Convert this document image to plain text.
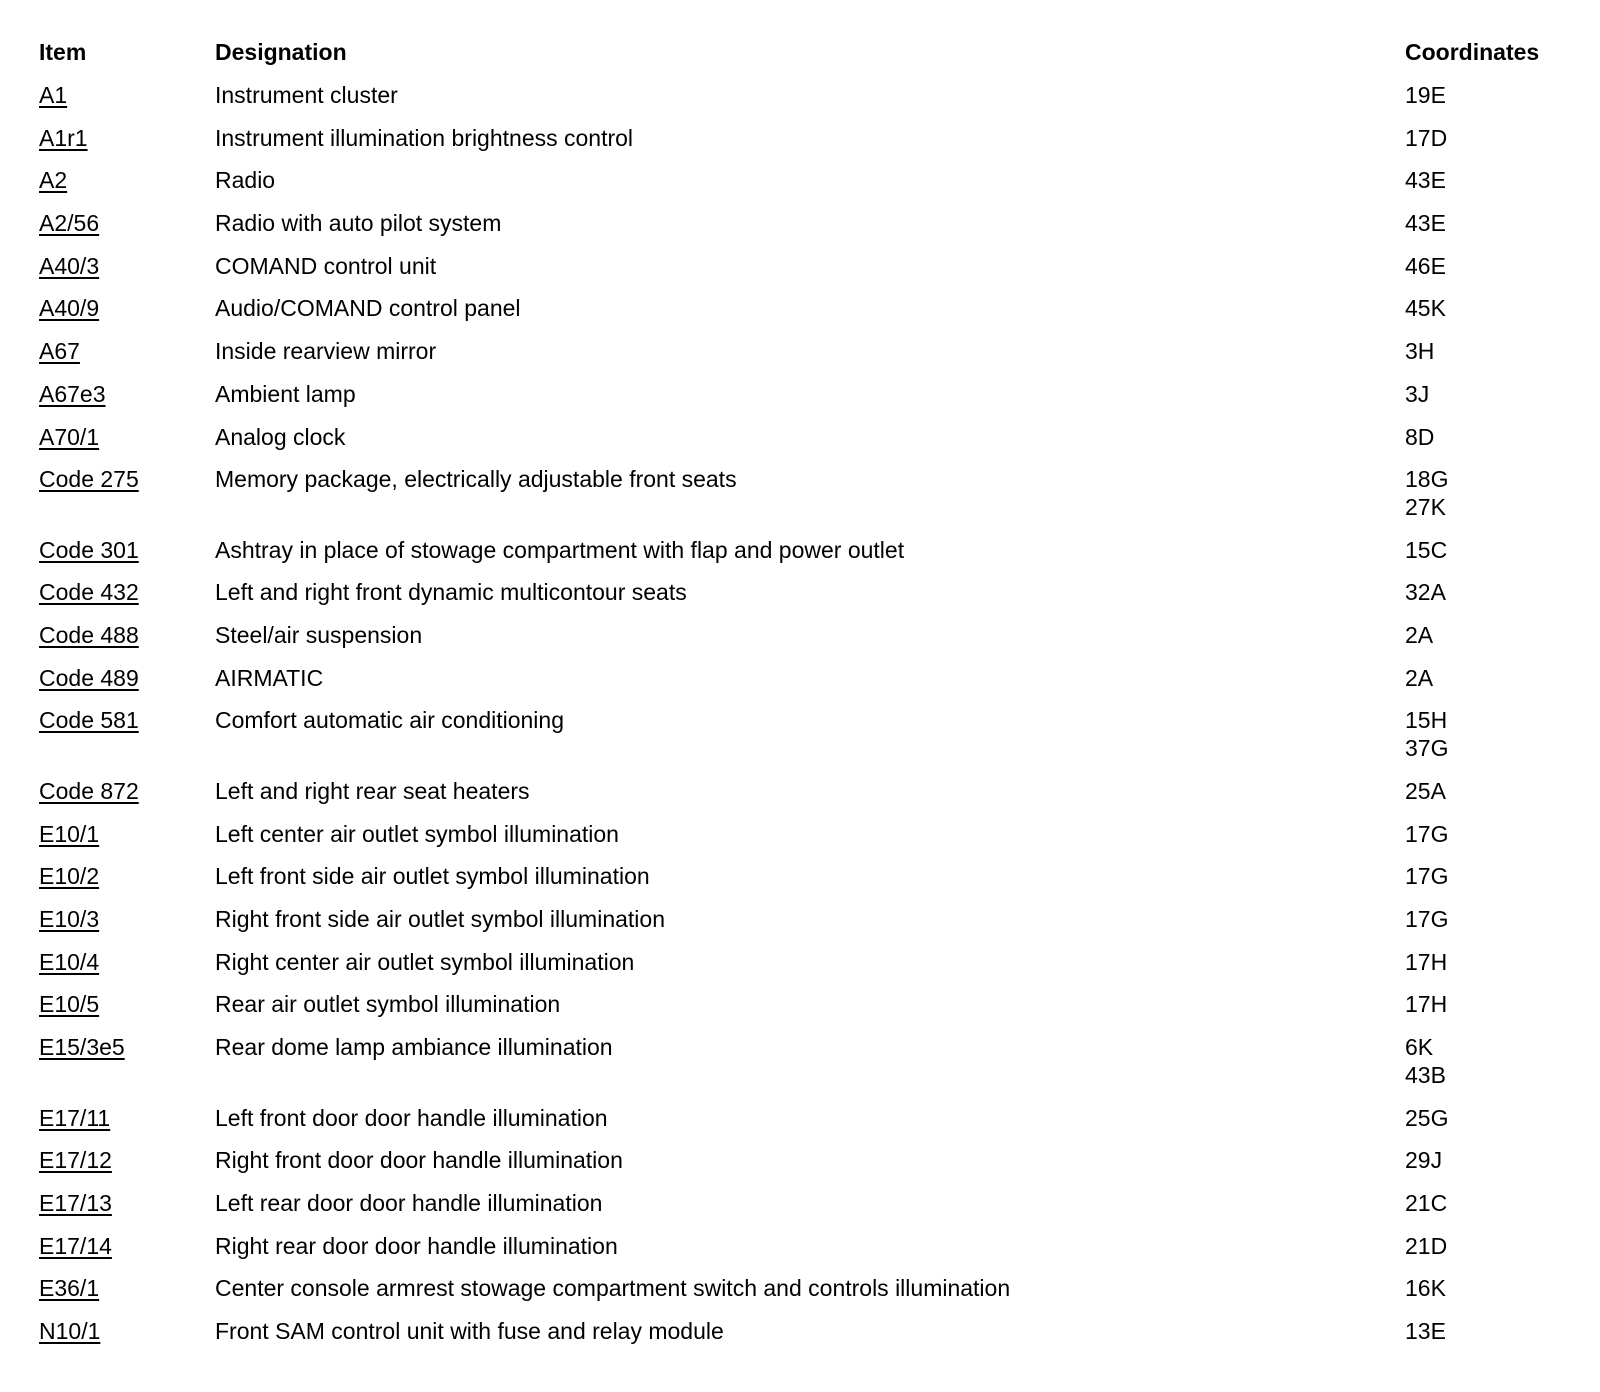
Item	Designation	Coordinates
A1	Instrument cluster	19E

A1r1	Instrument illumination brightness control	17D

A2	Radio	43E

A2/56	Radio with auto pilot system	43E

A40/3	COMAND control unit	46E

A40/9	Audio/COMAND control panel	45K

A67	Inside rearview mirror	3H

A67e3	Ambient lamp	3J

A70/1	Analog clock	8D

Code 275	Memory package, electrically adjustable front seats	18G
27K

Code 301	Ashtray in place of stowage compartment with flap and power outlet	15C

Code 432	Left and right front dynamic multicontour seats	32A

Code 488	Steel/air suspension	2A

Code 489	AIRMATIC	2A

Code 581	Comfort automatic air conditioning	15H
37G

Code 872	Left and right rear seat heaters	25A

E10/1	Left center air outlet symbol illumination	17G

E10/2	Left front side air outlet symbol illumination	17G

E10/3	Right front side air outlet symbol illumination	17G

E10/4	Right center air outlet symbol illumination	17H

E10/5	Rear air outlet symbol illumination	17H

E15/3e5	Rear dome lamp ambiance illumination	6K
43B

E17/11	Left front door door handle illumination	25G

E17/12	Right front door door handle illumination	29J

E17/13	Left rear door door handle illumination	21C

E17/14	Right rear door door handle illumination	21D

E36/1	Center console armrest stowage compartment switch and controls illumination	16K

N10/1	Front SAM control unit with fuse and relay module	13E
